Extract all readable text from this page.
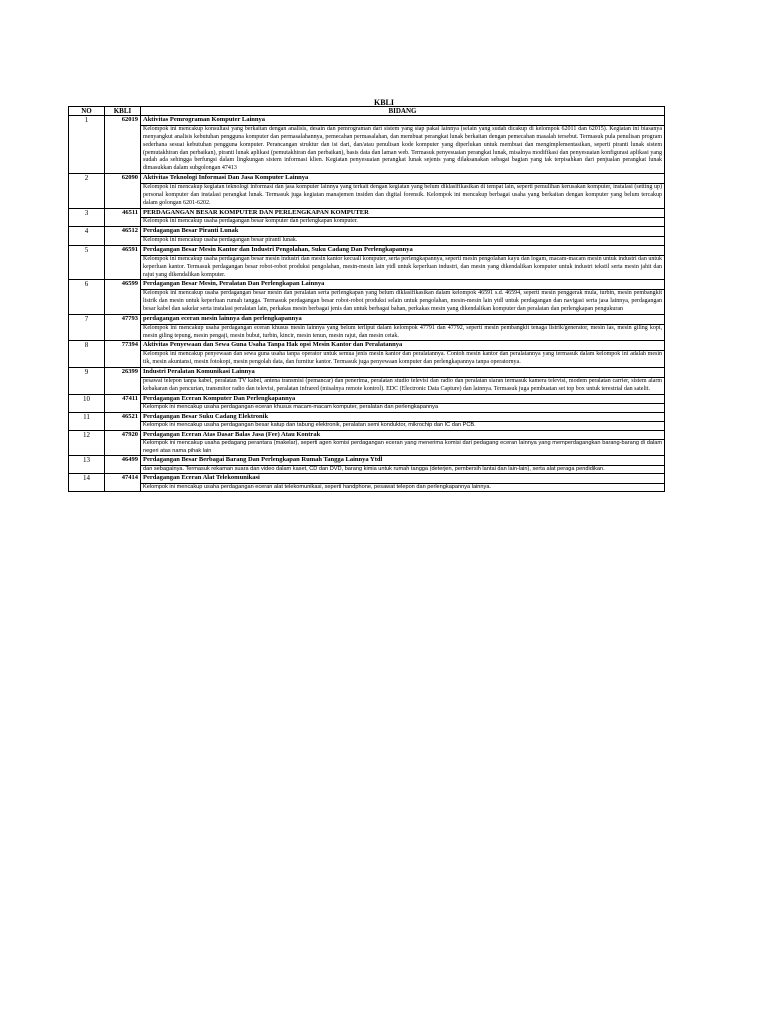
KBLI
NO	KBLI	BIDANG
1	62019	Aktivitas Pemrograman Komputer Lainnya
		Kelompok ini mencakup konsultasi yang berkaitan dengan analisis, desain dan pemrograman dari sistem yang siap pakai lainnya (selain yang sudah dicakup di kelompok 62011 dan 62015). Kegiatan ini biasanya menyangkut analisis kebutuhan pengguna komputer dan permasalahannya, pemecahan permasalahan, dan membuat perangkat lunak berkaitan dengan pemecahan masalah tersebut. Termasuk pula penulisan program sederhana sesuai kebutuhan pengguna komputer. Perancangan struktur dan isi dari, dan/atau penulisan kode komputer yang diperlukan untuk membuat dan mengimplementasikan, seperti piranti lunak sistem (pemutakhiran dan perbaikan), piranti lunak aplikasi (pemutakhiran dan perbaikan), basis data dan laman web. Termasuk penyesuaian perangkat lunak, misalnya modifikasi dan penyesuaian konfigurasi aplikasi yang sudah ada sehingga berfungsi dalam lingkungan sistem informasi klien. Kegiatan penyesuaian perangkat lunak sejenis yang dilaksanakan sebagai bagian yang tak terpisahkan dari penjualan perangkat lunak dimasukkan dalam subgolongan 47413
2	62090	Aktivitas Teknologi Informasi Dan Jasa Komputer Lainnya
		Kelompok ini mencakup kegiatan teknologi informasi dan jasa komputer lainnya yang terkait dengan kegiatan yang belum diklasifikasikan di tempat lain, seperti pemulihan kerusakan komputer, instalasi (setting up) personal komputer dan instalasi perangkat lunak. Termasuk juga kegiatan manajemen insiden dan digital forensik. Kelompok ini mencakup berbagai usaha yang berkaitan dengan komputer yang belum tercakup dalam golongan 6201-6202.
3	46511	PERDAGANGAN BESAR KOMPUTER DAN PERLENGKAPAN KOMPUTER
		Kelompok ini mencakup usaha perdagangan besar komputer dan perlengkapan komputer.
4	46512	Perdagangan Besar Piranti Lunak
		Kelompok ini mencakup usaha perdagangan besar piranti lunak.
5	46591	Perdagangan Besar Mesin Kantor dan Industri Pengolahan, Suku Cadang Dan Perlengkapannya
		Kelompok ini mencakup usaha perdagangan besar mesin industri dan mesin kantor kecuali komputer, serta perlengkapannya, seperti mesin pengolahan kayu dan logam, macam-macam mesin untuk industri dan untuk keperluan kantor. Termasuk perdagangan besar robot-robot produksi pengolahan, mesin-mesin lain ytdl untuk keperluan industri, dan mesin yang dikendalikan komputer untuk industri tekstil serta mesin jahit dan rajut yang dikendalikan komputer.
6	46599	Perdagangan Besar Mesin, Peralatan Dan Perlengkapan Lainnya
		Kelompok ini mencakup usaha perdagangan besar mesin dan peralatan serta perlengkapan yang belum diklasifikasikan dalam kelompok 46591 s.d. 46594, seperti mesin penggerak mula, turbin, mesin pembangkit listrik dan mesin untuk keperluan rumah tangga. Termasuk perdagangan besar robot-robot produksi selain untuk pengolahan, mesin-mesin lain ytdl untuk perdagangan dan navigasi serta jasa lainnya, perdagangan besar kabel dan sakelar serta instalasi peralatan lain, perkakas mesin berbagai jenis dan untuk berbagai bahan, perkakas mesin yang dikendalikan komputer dan peralatan dan perlengkapan pengukuran
7	47793	perdagangan eceran mesin lainnya dan perlengkapannya
		Kelompok ini mencakup usaha perdagangan eceran khusus mesin lainnya yang belum terliput dalam kelompok 47791 dan 47792, seperti mesin pembangkit tenaga listrik/generator, mesin las, mesin giling kopi, mesin giling tepung, mesin pengaji, mesin bubut, turbin, kincir, mesin tenun, mesin rajut, dan mesin cetak.
8	77394	Aktivitas Penyewaan dan Sewa Guna Usaha Tanpa Hak opsi Mesin Kantor dan Peralatannya
		Kelompok ini mencakup penyewaan dan sewa guna usaha tanpa operator untuk semua jenis mesin kantor dan peralatannya. Contoh mesin kantor dan peralatannya yang termasuk dalam kelompok ini adalah mesin tik, mesin akuntansi, mesin fotokopi, mesin pengolah data, dan furnitur kantor. Termasuk juga penyewaan komputer dan perlengkapannya tanpa operatornya.
9	26399	Industri Peralatan Komunikasi Lainnya
		pesawat telepon tanpa kabel, peralatan TV kabel, antena transmisi (pemancar) dan penerima, peralatan studio televisi dan radio dan peralatan siaran termasuk kamera televisi, modem peralatan carrier, sistem alarm kebakaran dan pencurian, transmitor radio dan televisi, peralatan infrared (misalnya remote kontrol). EDC (Electronic Data Capture) dan lainnya. Termasuk juga pembuatan set top box untuk terestrial dan satelit.
10	47411	Perdagangan Eceran Komputer Dan Perlengkapannya
		Kelompok ini mencakup usaha perdagangan eceran khusus macam-macam komputer, peralatan dan perlengkapannya
11	46521	Perdagangan Besar Suku Cadang Elektronik
		Kelompok ini mencakup usaha perdagangan besar katup dan tabung elektronik, peralatan semi konduktor, mikrochip dan IC dan PCB.
12	47920	Perdagangan Eceran Atas Dasar Balas Jasa (Fee) Atau Kontrak
		Kelompok ini mencakup usaha pedagang perantara (makelar), seperti agen komisi perdagangan eceran yang menerima komisi dari pedagang eceran lainnya yang memperdagangkan barang-barang di dalam negeri atas nama pihak lain
13	46499	Perdagangan Besar Berbagai Barang Dan Perlengkapan Rumah Tangga Lainnya Ytdl
		dan sebagainya. Termasuk rekaman suara dan video dalam kaset, CD dan DVD, barang kimia untuk rumah tangga (deterjen, pembersih lantai dan lain-lain), serta alat peraga pendidikan.
14	47414	Perdagangan Eceran Alat Telekomunikasi
		Kelompok ini mencakup usaha perdagangan eceran alat telekomunikasi, seperti handphone, pesawat telepon dan perlengkapannya lainnya.
